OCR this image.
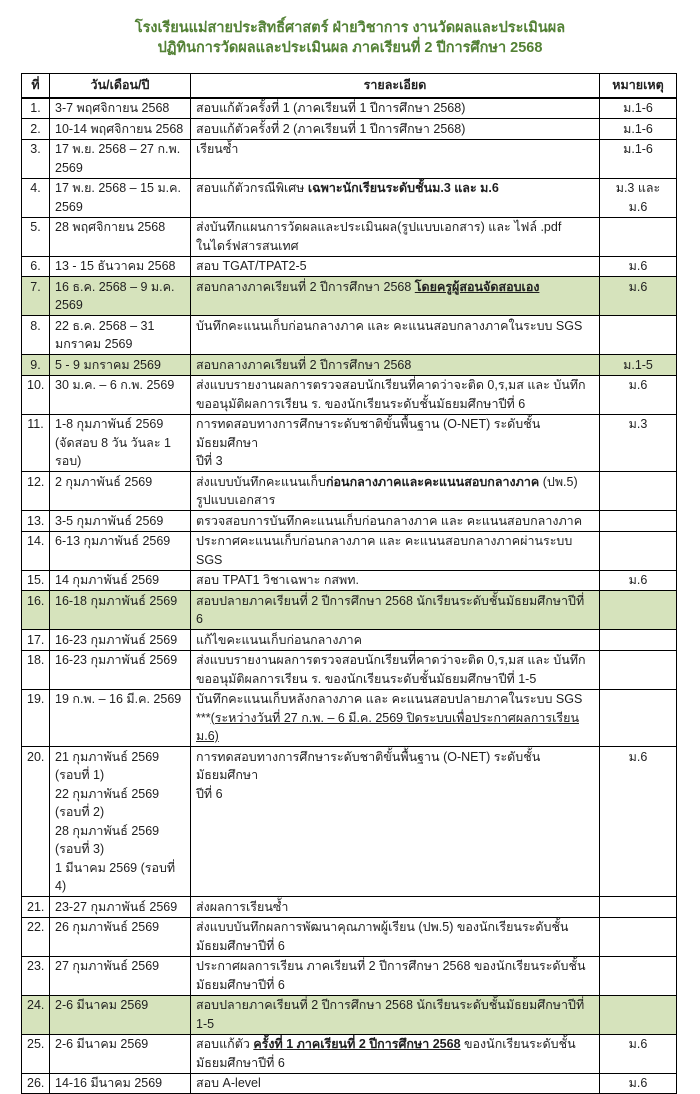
โรงเรียนแม่สายประสิทธิ์ศาสตร์ ฝ่ายวิชาการ งานวัดผลและประเมินผล
ปฏิทินการวัดผลและประเมินผล ภาคเรียนที่ 2 ปีการศึกษา 2568
ที่	วัน/เดือน/ปี	รายละเอียด	หมายเหตุ
1.	3-7 พฤศจิกายน 2568	สอบแก้ตัวครั้งที่ 1 (ภาคเรียนที่ 1 ปีการศึกษา 2568)	ม.1-6
2.	10-14 พฤศจิกายน 2568	สอบแก้ตัวครั้งที่ 2 (ภาคเรียนที่ 1 ปีการศึกษา 2568)	ม.1-6
3.	17 พ.ย. 2568 – 27 ก.พ. 2569	เรียนซ้ำ	ม.1-6
4.	17 พ.ย. 2568 – 15 ม.ค. 2569	สอบแก้ตัวกรณีพิเศษ เฉพาะนักเรียนระดับชั้นม.3 และ ม.6	ม.3 และ ม.6
5.	28 พฤศจิกายน 2568	ส่งบันทึกแผนการวัดผลและประเมินผล(รูปแบบเอกสาร) และ ไฟล์ .pdf
ในไดร์ฟสารสนเทศ	
6.	13 - 15 ธันวาคม 2568	สอบ TGAT/TPAT2-5	ม.6
7.	16 ธ.ค. 2568 – 9 ม.ค. 2569	สอบกลางภาคเรียนที่ 2 ปีการศึกษา 2568 โดยครูผู้สอนจัดสอบเอง	ม.6
8.	22 ธ.ค. 2568 – 31 มกราคม 2569	บันทึกคะแนนเก็บก่อนกลางภาค และ คะแนนสอบกลางภาคในระบบ SGS	
9.	5 - 9 มกราคม 2569	สอบกลางภาคเรียนที่ 2 ปีการศึกษา 2568	ม.1-5
10.	30 ม.ค. – 6 ก.พ. 2569	ส่งแบบรายงานผลการตรวจสอบนักเรียนที่คาดว่าจะติด 0,ร,มส และ บันทึก
ขออนุมัติผลการเรียน ร. ของนักเรียนระดับชั้นมัธยมศึกษาปีที่ 6	ม.6
11.	1-8 กุมภาพันธ์ 2569
(จัดสอบ 8 วัน วันละ 1 รอบ)	การทดสอบทางการศึกษาระดับชาติขั้นพื้นฐาน (O-NET) ระดับชั้นมัธยมศึกษา
ปีที่ 3	ม.3
12.	2 กุมภาพันธ์ 2569	ส่งแบบบันทึกคะแนนเก็บก่อนกลางภาคและคะแนนสอบกลางภาค (ปพ.5)
รูปแบบเอกสาร	
13.	3-5 กุมภาพันธ์ 2569	ตรวจสอบการบันทึกคะแนนเก็บก่อนกลางภาค และ คะแนนสอบกลางภาค	
14.	6-13 กุมภาพันธ์ 2569	ประกาศคะแนนเก็บก่อนกลางภาค และ คะแนนสอบกลางภาคผ่านระบบ SGS	
15.	14 กุมภาพันธ์ 2569	สอบ TPAT1 วิชาเฉพาะ กสพท.	ม.6
16.	16-18 กุมภาพันธ์ 2569	สอบปลายภาคเรียนที่ 2 ปีการศึกษา 2568 นักเรียนระดับชั้นมัธยมศึกษาปีที่ 6	
17.	16-23 กุมภาพันธ์ 2569	แก้ไขคะแนนเก็บก่อนกลางภาค	
18.	16-23 กุมภาพันธ์ 2569	ส่งแบบรายงานผลการตรวจสอบนักเรียนที่คาดว่าจะติด 0,ร,มส และ บันทึก
ขออนุมัติผลการเรียน ร. ของนักเรียนระดับชั้นมัธยมศึกษาปีที่ 1-5	
19.	19 ก.พ. – 16 มี.ค. 2569	บันทึกคะแนนเก็บหลังกลางภาค และ คะแนนสอบปลายภาคในระบบ SGS
***(ระหว่างวันที่ 27 ก.พ. – 6 มี.ค. 2569 ปิดระบบเพื่อประกาศผลการเรียน ม.6)	
20.	21 กุมภาพันธ์ 2569 (รอบที่ 1)
22 กุมภาพันธ์ 2569 (รอบที่ 2)
28 กุมภาพันธ์ 2569 (รอบที่ 3)
1 มีนาคม 2569 (รอบที่ 4)	การทดสอบทางการศึกษาระดับชาติขั้นพื้นฐาน (O-NET) ระดับชั้นมัธยมศึกษา
ปีที่ 6	ม.6
21.	23-27 กุมภาพันธ์ 2569	ส่งผลการเรียนซ้ำ	
22.	26 กุมภาพันธ์ 2569	ส่งแบบบันทึกผลการพัฒนาคุณภาพผู้เรียน (ปพ.5) ของนักเรียนระดับชั้น
มัธยมศึกษาปีที่ 6	
23.	27 กุมภาพันธ์ 2569	ประกาศผลการเรียน ภาคเรียนที่ 2 ปีการศึกษา 2568 ของนักเรียนระดับชั้น
มัธยมศึกษาปีที่ 6	
24.	2-6 มีนาคม 2569	สอบปลายภาคเรียนที่ 2 ปีการศึกษา 2568 นักเรียนระดับชั้นมัธยมศึกษาปีที่ 1-5	
25.	2-6 มีนาคม 2569	สอบแก้ตัว ครั้งที่ 1 ภาคเรียนที่ 2 ปีการศึกษา 2568 ของนักเรียนระดับชั้น
มัธยมศึกษาปีที่ 6	ม.6
26.	14-16 มีนาคม 2569	สอบ A-level	ม.6
